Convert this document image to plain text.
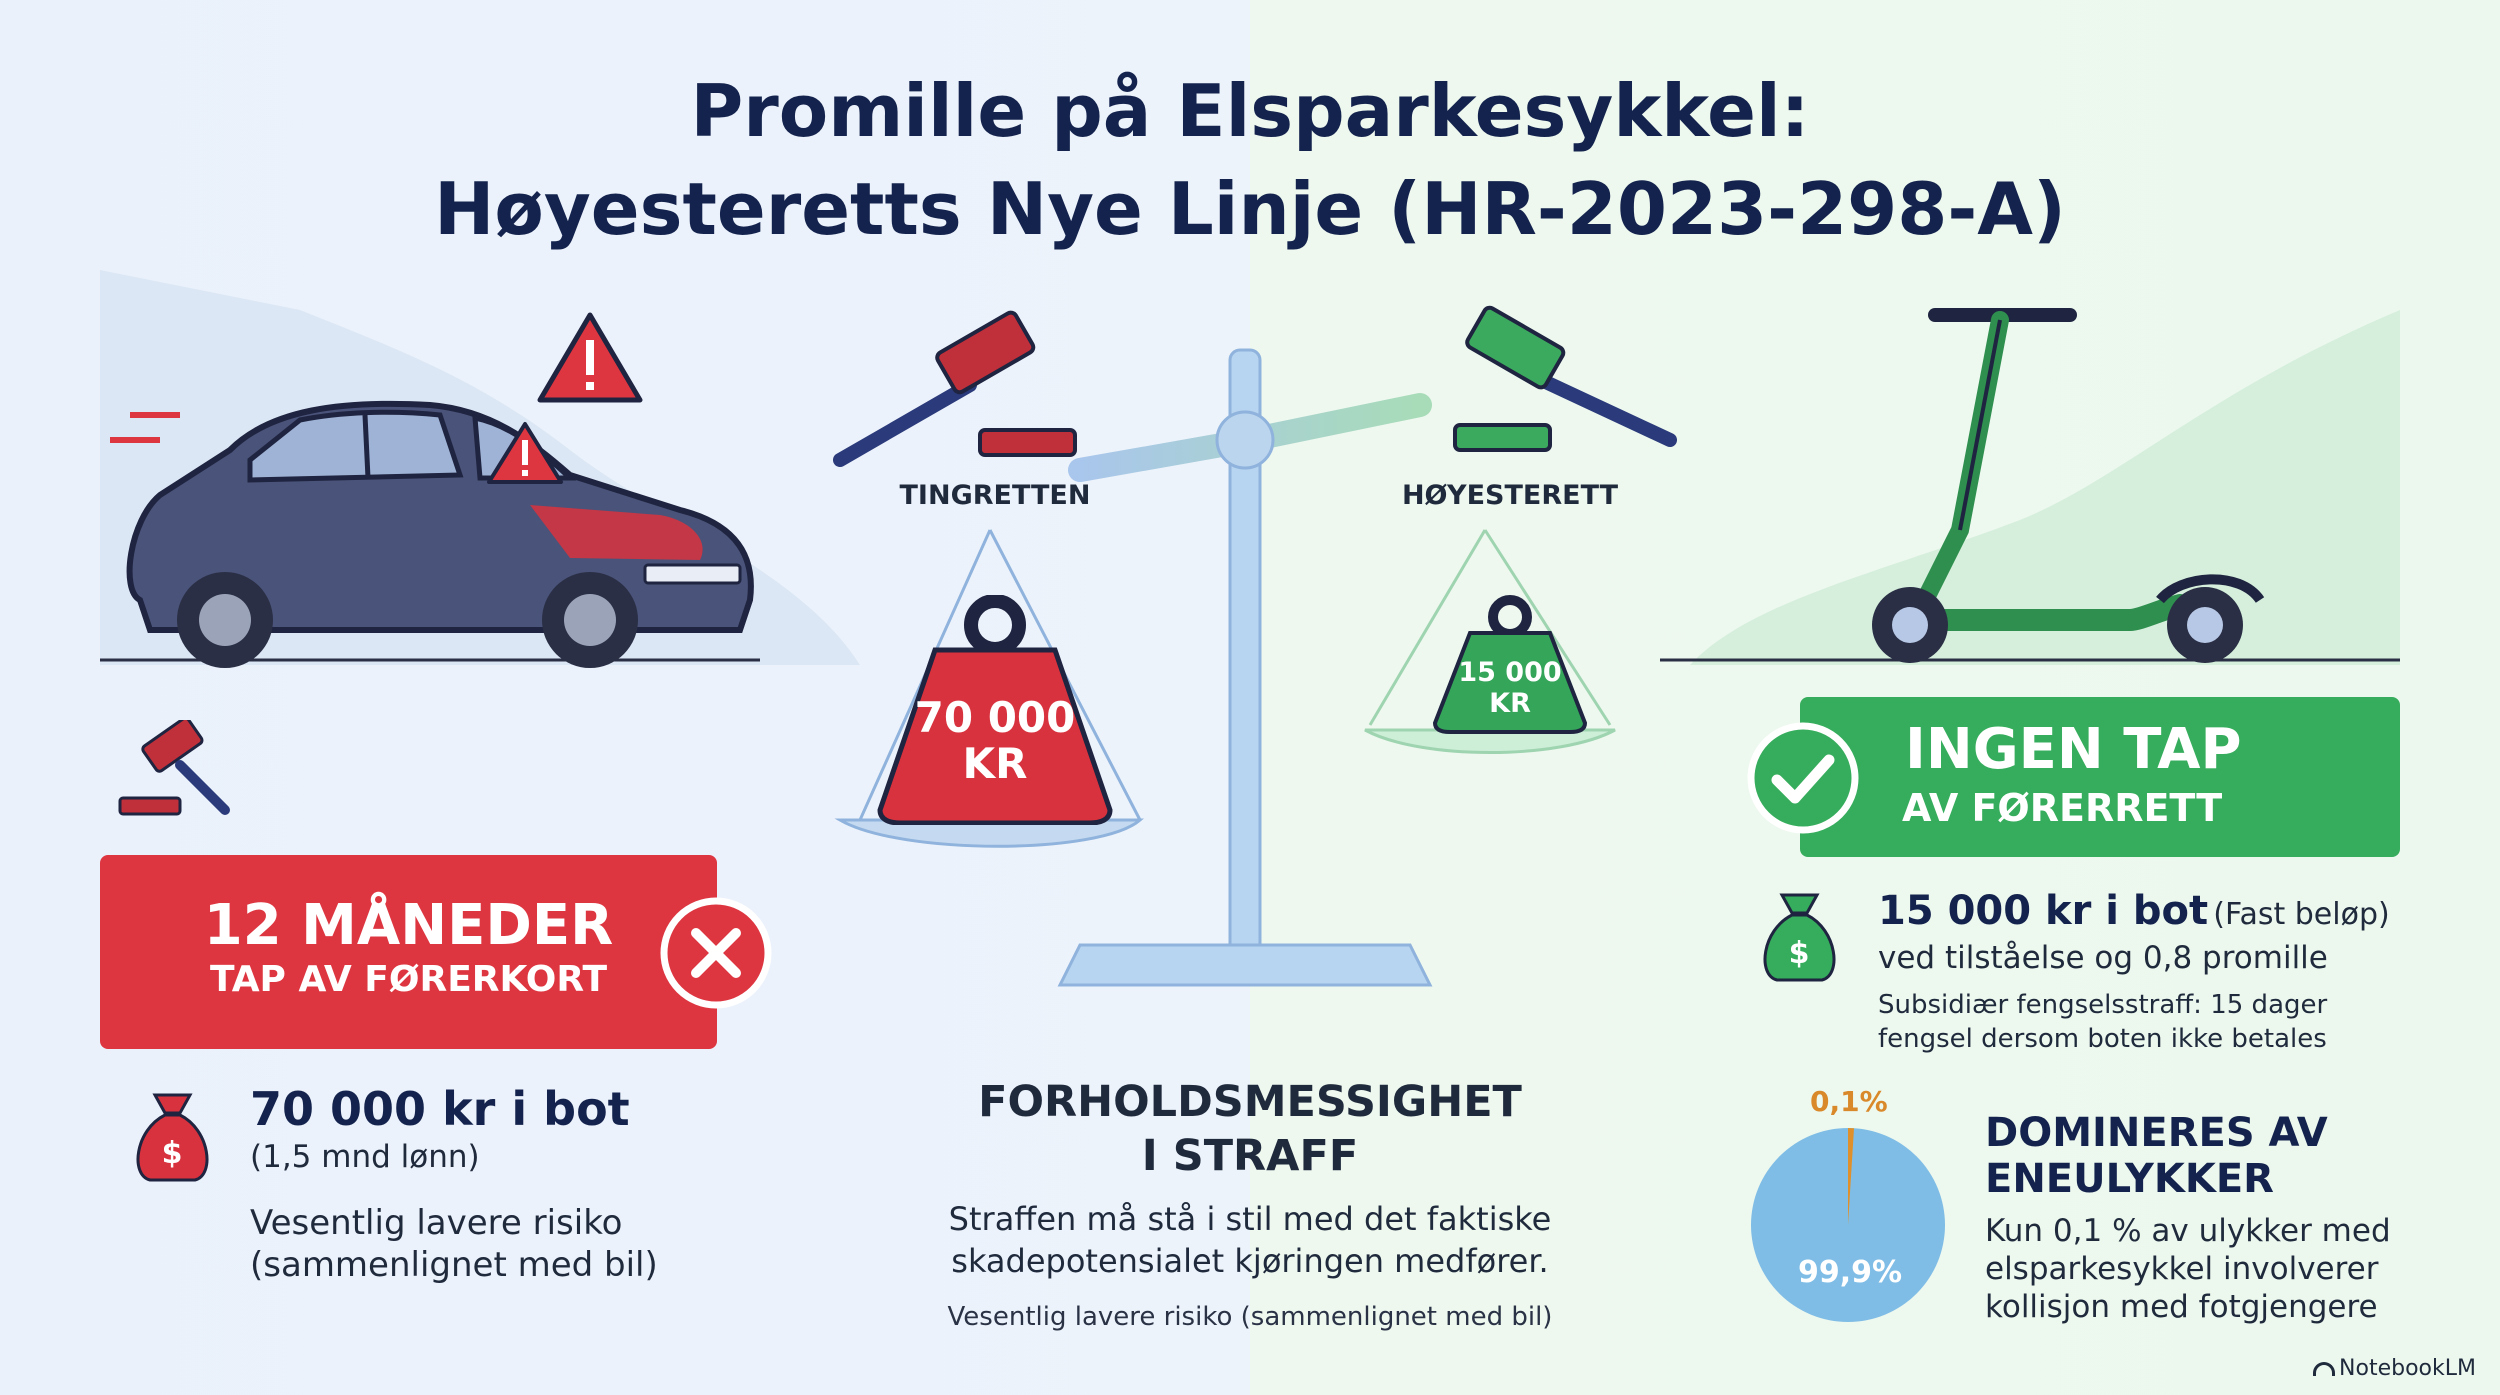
Promille på Elsparkesykkel:
Høyesteretts Nye Linje (HR-2023-298-A)
TINGRETTEN	HØYESTERETT
70 000
KR
15 000
KR
12 MÅNEDER
TAP AV FØRERKORT
$
70 000 kr i bot
(1,5 mnd lønn)
Vesentlig lavere risiko
(sammenlignet med bil)
FORHOLDSMESSIGHET
I STRAFF
Straffen må stå i stil med det faktiske
skadepotensialet kjøringen medfører.
Vesentlig lavere risiko (sammenlignet med bil)
INGEN TAP
AV FØRERRETT
$
15 000 kr i bot (Fast beløp)
ved tilståelse og 0,8 promille
Subsidiær fengselsstraff: 15 dager
fengsel dersom boten ikke betales
0,1%
99,9%
DOMINERES AV
ENEULYKKER
Kun 0,1 % av ulykker med
elsparkesykkel involverer
kollisjon med fotgjengere
NotebookLM
